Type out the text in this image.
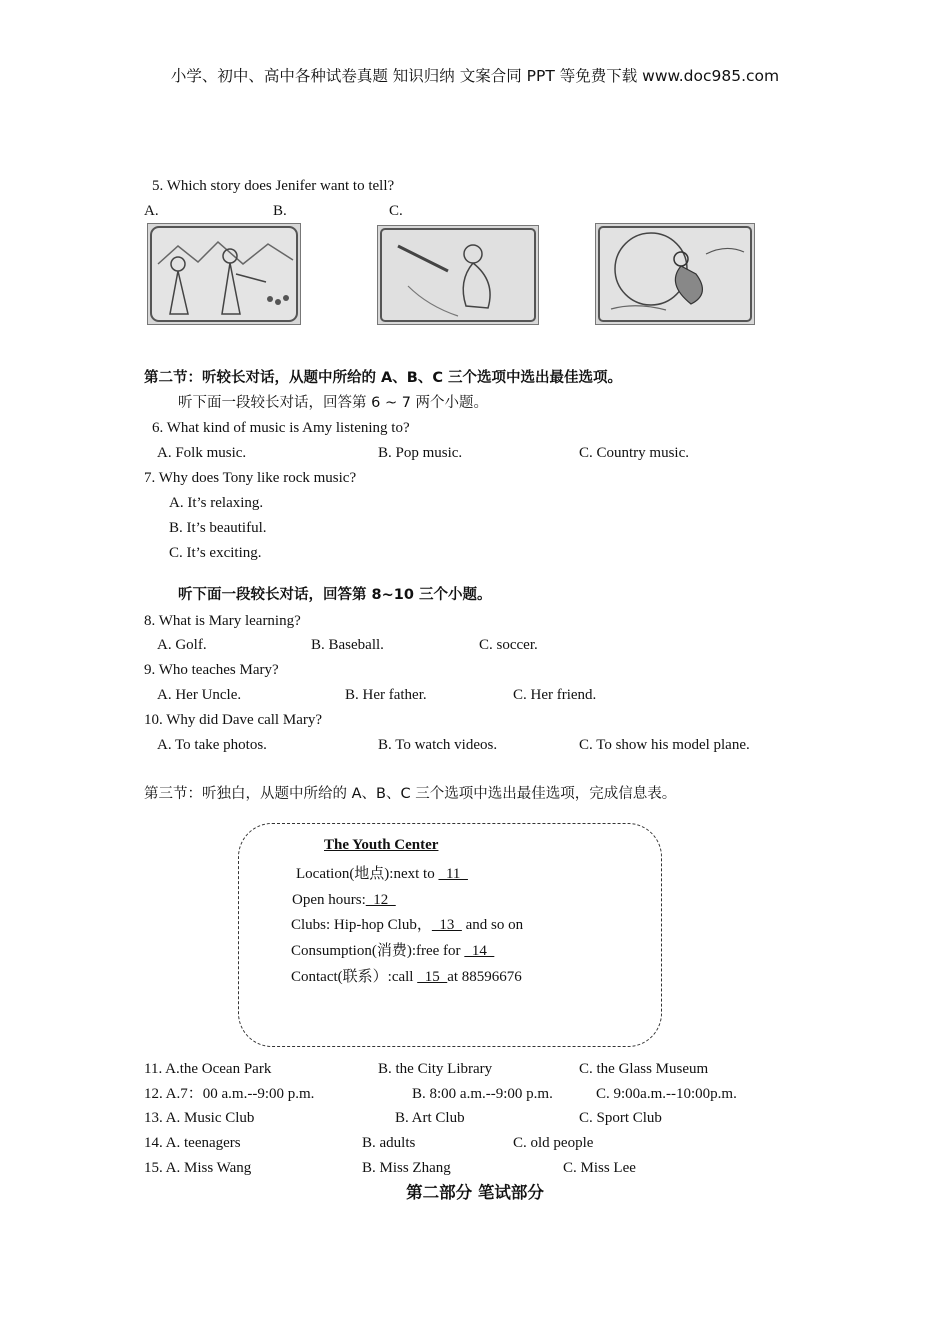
小学、初中、高中各种试卷真题 知识归纳 文案合同 PPT 等免费下载 www.doc985.com
5. Which story does Jenifer want to tell?
A.	B.	C.
第二节：听较长对话，从题中所给的 A、B、C 三个选项中选出最佳选项。
听下面一段较长对话，回答第 6 ~ 7 两个小题。
6. What kind of music is Amy listening to?
A. Folk music.	B. Pop music.	C. Country music.
7. Why does Tony like rock music?
A. It’s relaxing.
B. It’s beautiful.
C. It’s exciting.
听下面一段较长对话，回答第 8~10 三个小题。
8. What is Mary learning?
A. Golf.	B. Baseball.	C. soccer.
9. Who teaches Mary?
A. Her Uncle.	B. Her father.	C. Her friend.
10. Why did Dave call Mary?
A. To take photos.	B. To watch videos.	C. To show his model plane.
第三节：听独白，从题中所给的 A、B、C 三个选项中选出最佳选项，完成信息表。
The Youth Center
Location(地点):next to   11
Open hours:  12
Clubs: Hip-hop Club，  13   and so on
Consumption(消费):free for   14
Contact(联系）:call   15  at 88596676
11. A.the Ocean Park	B. the City Library	C. the Glass Museum
12. A.7：00 a.m.--9:00 p.m.	B. 8:00 a.m.--9:00 p.m.	C. 9:00a.m.--10:00p.m.
13. A. Music Club	B. Art Club	C. Sport Club
14. A. teenagers	B. adults	C. old people
15. A. Miss Wang	B. Miss Zhang	C. Miss Lee
第二部分 笔试部分
